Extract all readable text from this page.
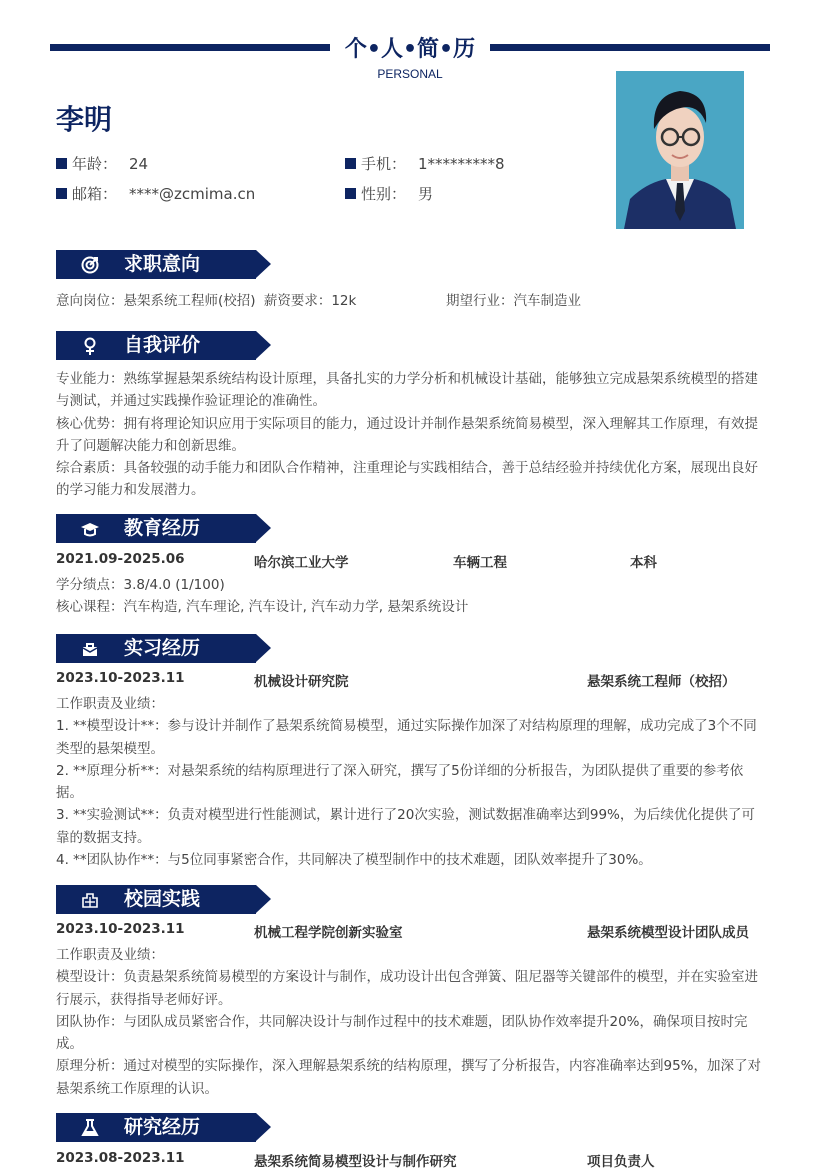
个•人•简•历
PERSONAL
李明
年龄： 24	手机： 1*********8
邮箱： ****@zcmima.cn	性别： 男
求职意向
意向岗位：悬架系统工程师(校招) 薪资要求：12k	期望行业：汽车制造业
自我评价
专业能力：熟练掌握悬架系统结构设计原理，具备扎实的力学分析和机械设计基础，能够独立完成悬架系统模型的搭建与测试，并通过实践操作验证理论的准确性。
核心优势：拥有将理论知识应用于实际项目的能力，通过设计并制作悬架系统简易模型，深入理解其工作原理，有效提升了问题解决能力和创新思维。
综合素质：具备较强的动手能力和团队合作精神，注重理论与实践相结合，善于总结经验并持续优化方案，展现出良好的学习能力和发展潜力。
教育经历
2021.09-2025.06	哈尔滨工业大学	车辆工程	本科
学分绩点：3.8/4.0 (1/100)
核心课程：汽车构造, 汽车理论, 汽车设计, 汽车动力学, 悬架系统设计
实习经历
2023.10-2023.11	机械设计研究院	悬架系统工程师（校招）
工作职责及业绩：
1. **模型设计**：参与设计并制作了悬架系统简易模型，通过实际操作加深了对结构原理的理解，成功完成了3个不同类型的悬架模型。
2. **原理分析**：对悬架系统的结构原理进行了深入研究，撰写了5份详细的分析报告，为团队提供了重要的参考依据。
3. **实验测试**：负责对模型进行性能测试，累计进行了20次实验，测试数据准确率达到99%，为后续优化提供了可靠的数据支持。
4. **团队协作**：与5位同事紧密合作，共同解决了模型制作中的技术难题，团队效率提升了30%。
校园实践
2023.10-2023.11	机械工程学院创新实验室	悬架系统模型设计团队成员
工作职责及业绩：
模型设计：负责悬架系统简易模型的方案设计与制作，成功设计出包含弹簧、阻尼器等关键部件的模型，并在实验室进行展示，获得指导老师好评。
团队协作：与团队成员紧密合作，共同解决设计与制作过程中的技术难题，团队协作效率提升20%，确保项目按时完成。
原理分析：通过对模型的实际操作，深入理解悬架系统的结构原理，撰写了分析报告，内容准确率达到95%，加深了对悬架系统工作原理的认识。
研究经历
2023.08-2023.11	悬架系统简易模型设计与制作研究	项目负责人
